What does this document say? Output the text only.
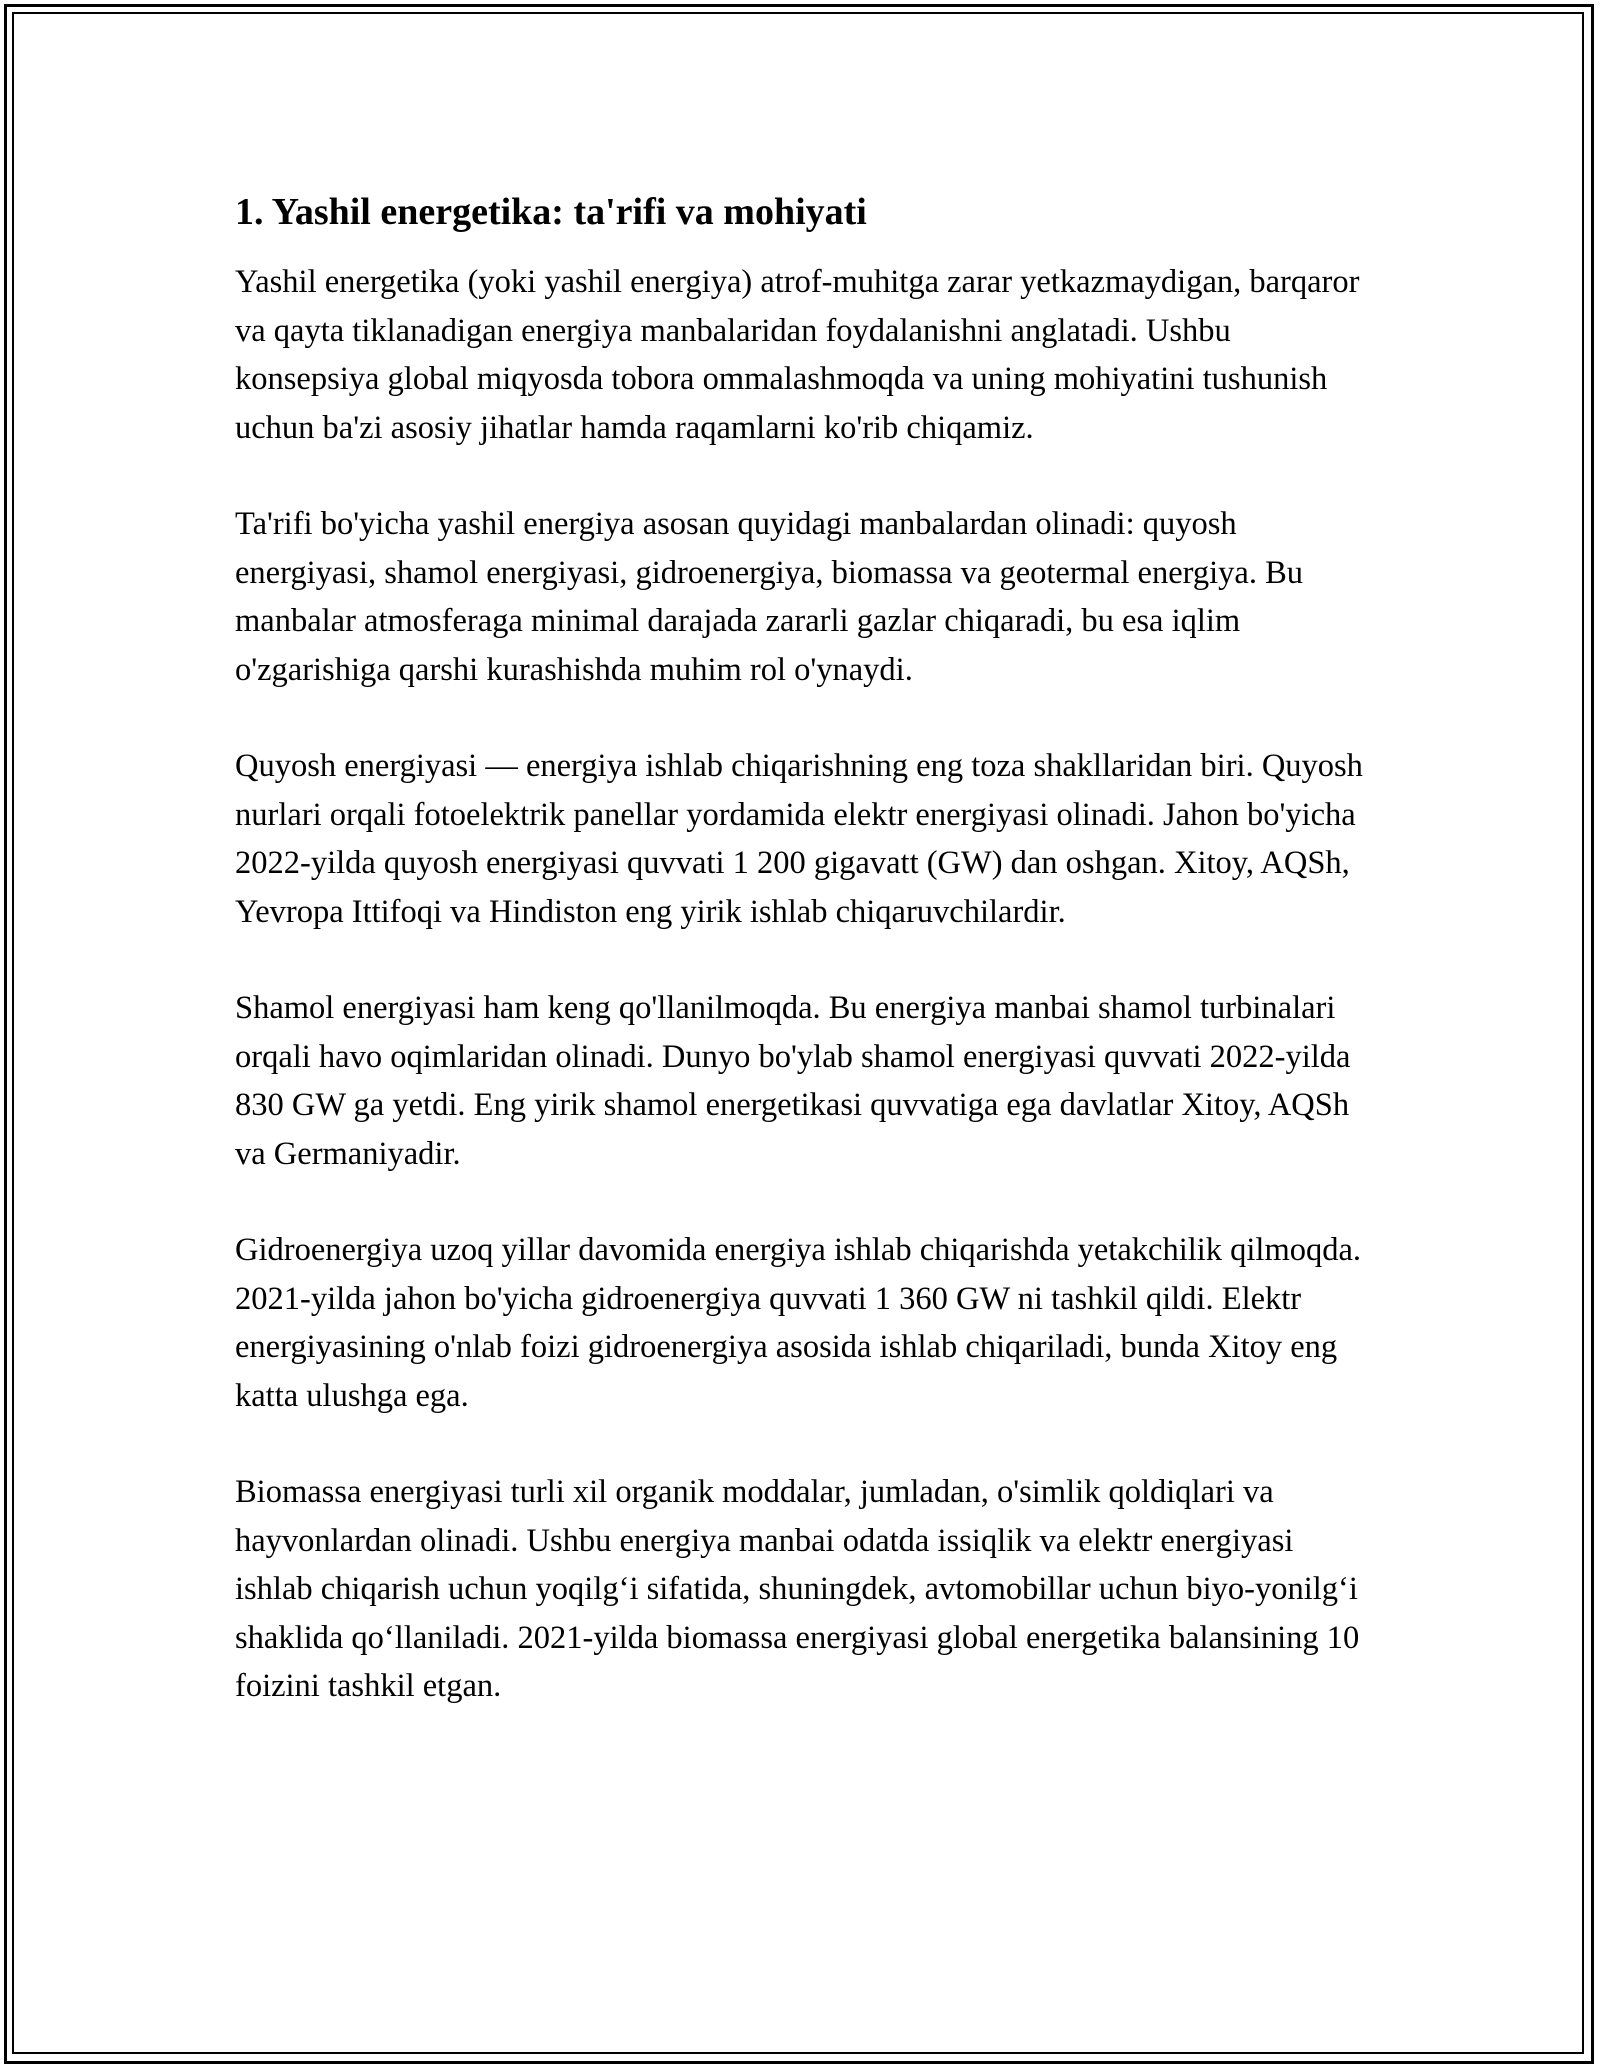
1. Yashil energetika: ta'rifi va mohiyati

Yashil energetika (yoki yashil energiya) atrof-muhitga zarar yetkazmaydigan, barqaror va qayta tiklanadigan energiya manbalaridan foydalanishni anglatadi. Ushbu konsepsiya global miqyosda tobora ommalashmoqda va uning mohiyatini tushunish uchun ba'zi asosiy jihatlar hamda raqamlarni ko'rib chiqamiz.

Ta'rifi bo'yicha yashil energiya asosan quyidagi manbalardan olinadi: quyosh energiyasi, shamol energiyasi, gidroenergiya, biomassa va geotermal energiya. Bu manbalar atmosferaga minimal darajada zararli gazlar chiqaradi, bu esa iqlim o'zgarishiga qarshi kurashishda muhim rol o'ynaydi.

Quyosh energiyasi — energiya ishlab chiqarishning eng toza shakllaridan biri. Quyosh nurlari orqali fotoelektrik panellar yordamida elektr energiyasi olinadi. Jahon bo'yicha 2022-yilda quyosh energiyasi quvvati 1 200 gigavatt (GW) dan oshgan. Xitoy, AQSh, Yevropa Ittifoqi va Hindiston eng yirik ishlab chiqaruvchilardir.

Shamol energiyasi ham keng qo'llanilmoqda. Bu energiya manbai shamol turbinalari orqali havo oqimlaridan olinadi. Dunyo bo'ylab shamol energiyasi quvvati 2022-yilda 830 GW ga yetdi. Eng yirik shamol energetikasi quvvatiga ega davlatlar Xitoy, AQSh va Germaniyadir.

Gidroenergiya uzoq yillar davomida energiya ishlab chiqarishda yetakchilik qilmoqda. 2021-yilda jahon bo'yicha gidroenergiya quvvati 1 360 GW ni tashkil qildi. Elektr energiyasining o'nlab foizi gidroenergiya asosida ishlab chiqariladi, bunda Xitoy eng katta ulushga ega.

Biomassa energiyasi turli xil organik moddalar, jumladan, o'simlik qoldiqlari va hayvonlardan olinadi. Ushbu energiya manbai odatda issiqlik va elektr energiyasi ishlab chiqarish uchun yoqilg‘i sifatida, shuningdek, avtomobillar uchun biyo-yonilg‘i shaklida qo‘llaniladi. 2021-yilda biomassa energiyasi global energetika balansining 10 foizini tashkil etgan.
